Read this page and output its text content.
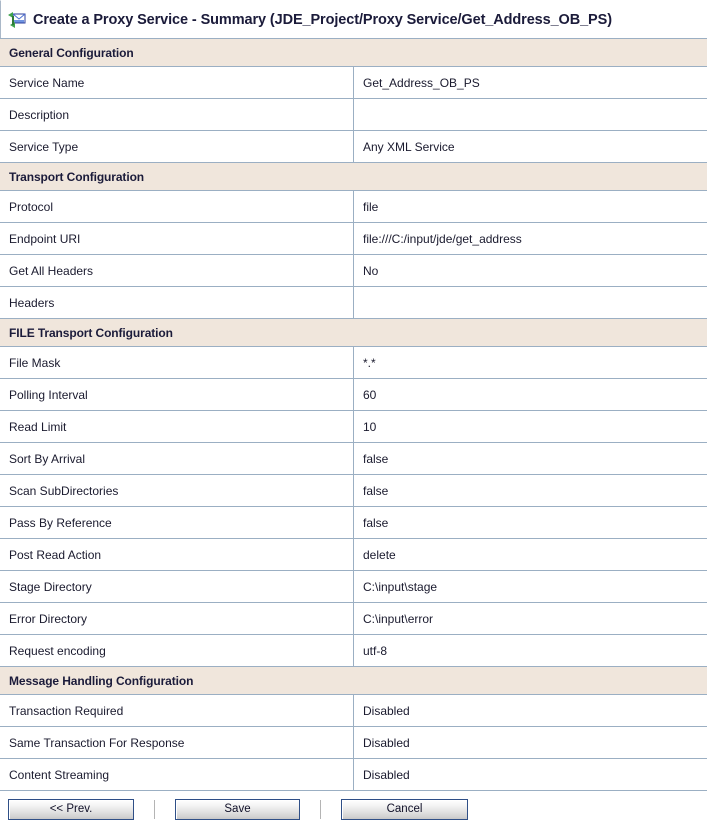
Create a Proxy Service - Summary (JDE_Project/Proxy Service/Get_Address_OB_PS)
General Configuration	
Service Name	Get_Address_OB_PS
Description	
Service Type	Any XML Service
Transport Configuration	
Protocol	file
Endpoint URI	file:///C:/input/jde/get_address
Get All Headers	No
Headers	
FILE Transport Configuration	
File Mask	*.*
Polling Interval	60
Read Limit	10
Sort By Arrival	false
Scan SubDirectories	false
Pass By Reference	false
Post Read Action	delete
Stage Directory	C:\input\stage
Error Directory	C:\input\error
Request encoding	utf-8
Message Handling Configuration	
Transaction Required	Disabled
Same Transaction For Response	Disabled
Content Streaming	Disabled
<< Prev.	Save	Cancel
